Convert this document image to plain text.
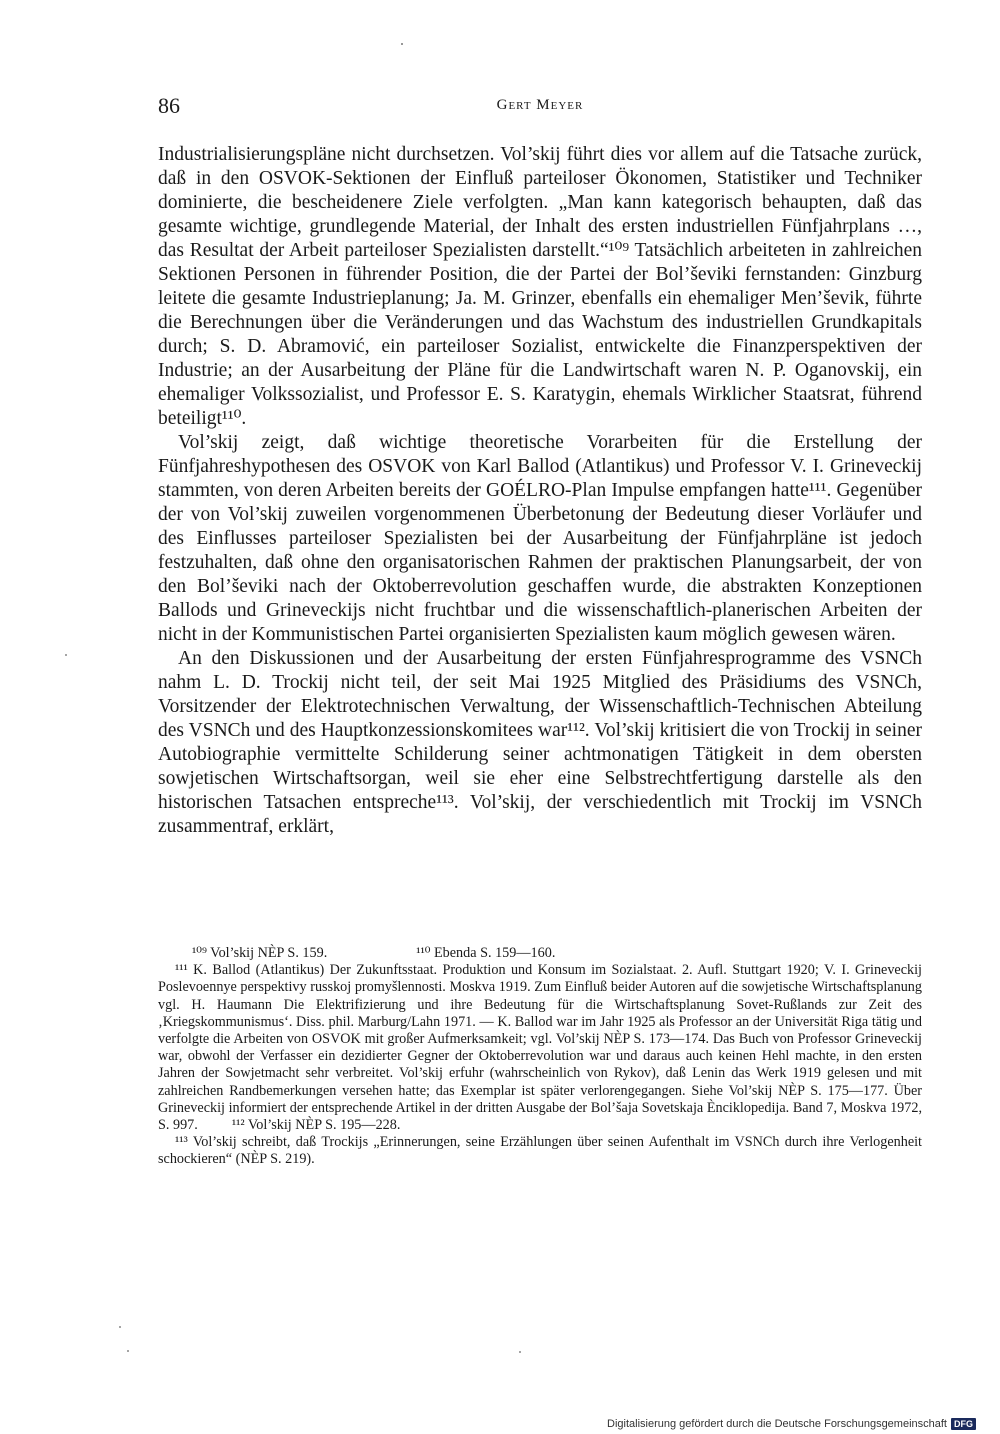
86	Gert Meyer

Industrialisierungspläne nicht durchsetzen. Vol’skij führt dies vor allem auf die Tatsache zurück, daß in den OSVOK-Sektionen der Einfluß parteiloser Ökonomen, Statistiker und Techniker dominierte, die bescheidenere Ziele verfolgten. „Man kann kategorisch behaupten, daß das gesamte wichtige, grundlegende Material, der Inhalt des ersten industriellen Fünfjahrplans …, das Resultat der Arbeit parteiloser Spezialisten darstellt.“¹⁰⁹ Tatsächlich arbeiteten in zahlreichen Sektionen Personen in führender Position, die der Partei der Bol’ševiki fernstanden: Ginzburg leitete die gesamte Industrieplanung; Ja. M. Grinzer, ebenfalls ein ehemaliger Men’ševik, führte die Berechnungen über die Veränderungen und das Wachstum des industriellen Grundkapitals durch; S. D. Abramović, ein parteiloser Sozialist, entwickelte die Finanzperspektiven der Industrie; an der Ausarbeitung der Pläne für die Landwirtschaft waren N. P. Oganovskij, ein ehemaliger Volkssozialist, und Professor E. S. Karatygin, ehemals Wirklicher Staatsrat, führend beteiligt¹¹⁰.

Vol’skij zeigt, daß wichtige theoretische Vorarbeiten für die Erstellung der Fünfjahreshypothesen des OSVOK von Karl Ballod (Atlantikus) und Professor V. I. Grineveckij stammten, von deren Arbeiten bereits der GOÉLRO-Plan Impulse empfangen hatte¹¹¹. Gegenüber der von Vol’skij zuweilen vorgenommenen Überbetonung der Bedeutung dieser Vorläufer und des Einflusses parteiloser Spezialisten bei der Ausarbeitung der Fünfjahrpläne ist jedoch festzuhalten, daß ohne den organisatorischen Rahmen der praktischen Planungsarbeit, der von den Bol’ševiki nach der Oktoberrevolution geschaffen wurde, die abstrakten Konzeptionen Ballods und Grineveckijs nicht fruchtbar und die wissenschaftlich-planerischen Arbeiten der nicht in der Kommunistischen Partei organisierten Spezialisten kaum möglich gewesen wären.

An den Diskussionen und der Ausarbeitung der ersten Fünfjahresprogramme des VSNCh nahm L. D. Trockij nicht teil, der seit Mai 1925 Mitglied des Präsidiums des VSNCh, Vorsitzender der Elektrotechnischen Verwaltung, der Wissenschaftlich-Technischen Abteilung des VSNCh und des Hauptkonzessionskomitees war¹¹². Vol’skij kritisiert die von Trockij in seiner Autobiographie vermittelte Schilderung seiner achtmonatigen Tätigkeit in dem obersten sowjetischen Wirtschaftsorgan, weil sie eher eine Selbstrechtfertigung darstelle als den historischen Tatsachen entspreche¹¹³. Vol’skij, der verschiedentlich mit Trockij im VSNCh zusammentraf, erklärt,

¹⁰⁹ Vol’skij NÈP S. 159.	¹¹⁰ Ebenda S. 159—160.

¹¹¹ K. Ballod (Atlantikus) Der Zukunftsstaat. Produktion und Konsum im Sozialstaat. 2. Aufl. Stuttgart 1920; V. I. Grineveckij Poslevoennye perspektivy russkoj promyšlennosti. Moskva 1919. Zum Einfluß beider Autoren auf die sowjetische Wirtschaftsplanung vgl. H. Haumann Die Elektrifizierung und ihre Bedeutung für die Wirtschaftsplanung Sovet-Rußlands zur Zeit des ‚Kriegskommunismus‘. Diss. phil. Marburg/Lahn 1971. — K. Ballod war im Jahr 1925 als Professor an der Universität Riga tätig und verfolgte die Arbeiten von OSVOK mit großer Aufmerksamkeit; vgl. Vol’skij NÈP S. 173—174. Das Buch von Professor Grineveckij war, obwohl der Verfasser ein dezidierter Gegner der Oktoberrevolution war und daraus auch keinen Hehl machte, in den ersten Jahren der Sowjetmacht sehr verbreitet. Vol’skij erfuhr (wahrscheinlich von Rykov), daß Lenin das Werk 1919 gelesen und mit zahlreichen Randbemerkungen versehen hatte; das Exemplar ist später verlorengegangen. Siehe Vol’skij NÈP S. 175—177. Über Grineveckij informiert der entsprechende Artikel in der dritten Ausgabe der Bol’šaja Sovetskaja Ènciklopedija. Band 7, Moskva 1972, S. 997. ¹¹² Vol’skij NÈP S. 195—228.

¹¹³ Vol’skij schreibt, daß Trockijs „Erinnerungen, seine Erzählungen über seinen Aufenthalt im VSNCh durch ihre Verlogenheit schockieren“ (NÈP S. 219).

Digitalisierung gefördert durch die Deutsche Forschungsgemeinschaft DFG
